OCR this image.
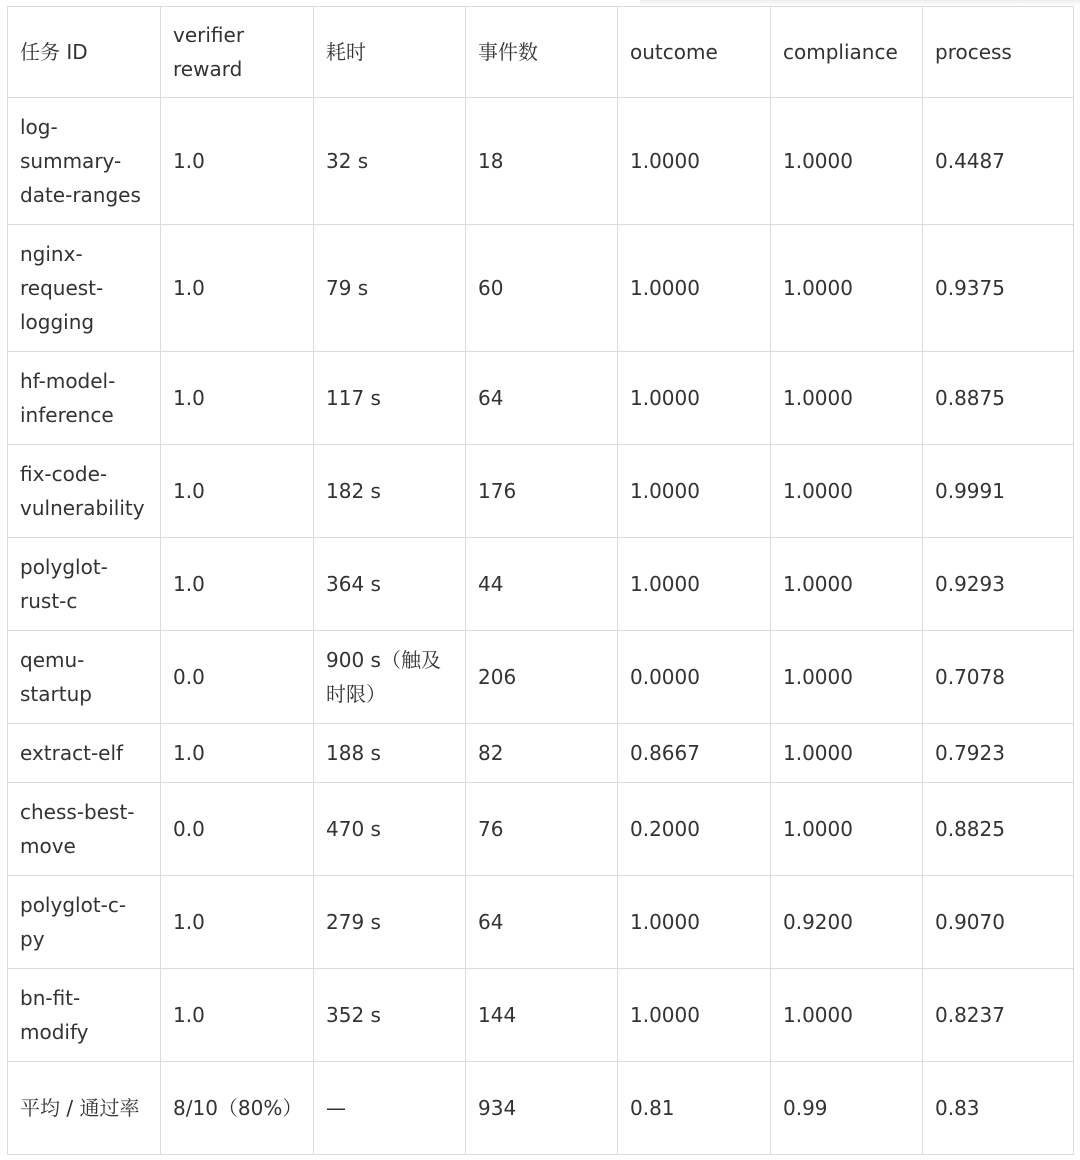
任务 ID	verifier reward	耗时	事件数	outcome	compliance	process
log-summary-date-ranges	1.0	32 s	18	1.0000	1.0000	0.4487
nginx-request-logging	1.0	79 s	60	1.0000	1.0000	0.9375
hf-model-inference	1.0	117 s	64	1.0000	1.0000	0.8875
fix-code-vulnerability	1.0	182 s	176	1.0000	1.0000	0.9991
polyglot-rust-c	1.0	364 s	44	1.0000	1.0000	0.9293
qemu-startup	0.0	900 s（触及时限）	206	0.0000	1.0000	0.7078
extract-elf	1.0	188 s	82	0.8667	1.0000	0.7923
chess-best-move	0.0	470 s	76	0.2000	1.0000	0.8825
polyglot-c-py	1.0	279 s	64	1.0000	0.9200	0.9070
bn-fit-modify	1.0	352 s	144	1.0000	1.0000	0.8237
平均 / 通过率	8/10（80%）	—	934	0.81	0.99	0.83
